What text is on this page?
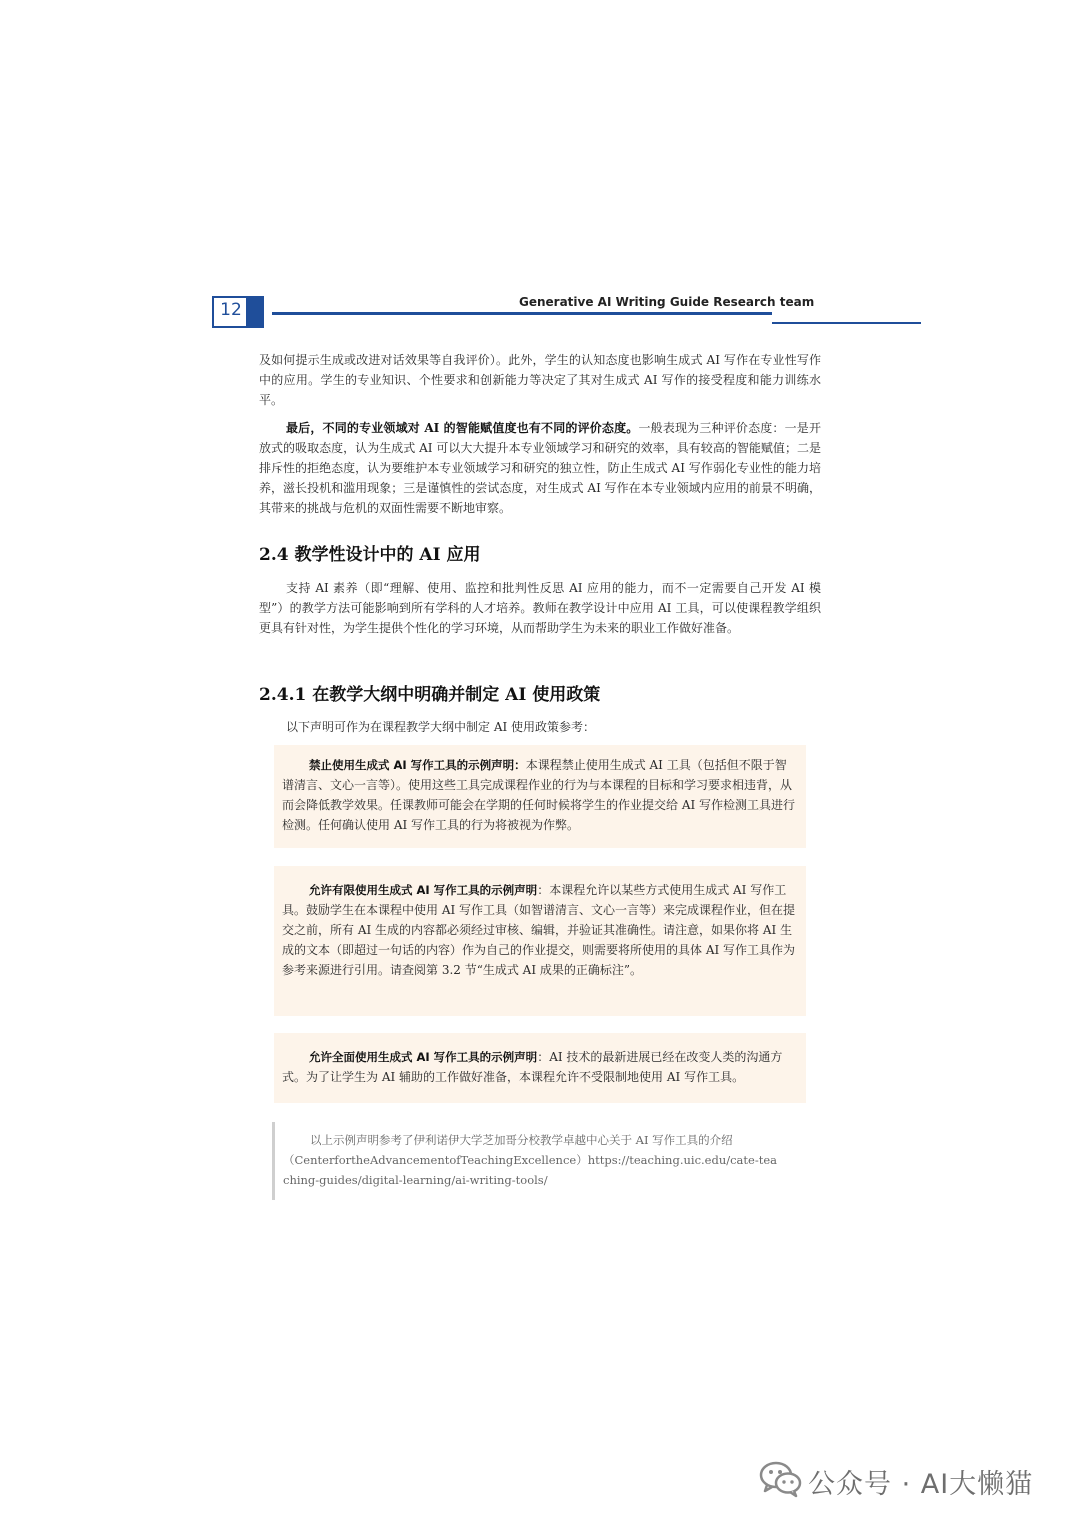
12	Generative AI Writing Guide Research team
及如何提示生成或改进对话效果等自我评价）。此外，学生的认知态度也影响生成式 AI 写作在专业性写作中的应用。学生的专业知识、个性要求和创新能力等决定了其对生成式 AI 写作的接受程度和能力训练水平。
最后，不同的专业领域对 AI 的智能赋值度也有不同的评价态度。一般表现为三种评价态度：一是开放式的吸取态度，认为生成式 AI 可以大大提升本专业领域学习和研究的效率，具有较高的智能赋值；二是排斥性的拒绝态度，认为要维护本专业领域学习和研究的独立性，防止生成式 AI 写作弱化专业性的能力培养，滋长投机和滥用现象；三是谨慎性的尝试态度，对生成式 AI 写作在本专业领域内应用的前景不明确，其带来的挑战与危机的双面性需要不断地审察。
2.4 教学性设计中的 AI 应用
支持 AI 素养（即“理解、使用、监控和批判性反思 AI 应用的能力，而不一定需要自己开发 AI 模型”）的教学方法可能影响到所有学科的人才培养。教师在教学设计中应用 AI 工具，可以使课程教学组织更具有针对性，为学生提供个性化的学习环境，从而帮助学生为未来的职业工作做好准备。
2.4.1 在教学大纲中明确并制定 AI 使用政策
以下声明可作为在课程教学大纲中制定 AI 使用政策参考：
禁止使用生成式 AI 写作工具的示例声明：本课程禁止使用生成式 AI 工具（包括但不限于智谱清言、文心一言等）。使用这些工具完成课程作业的行为与本课程的目标和学习要求相违背，从而会降低教学效果。任课教师可能会在学期的任何时候将学生的作业提交给 AI 写作检测工具进行检测。任何确认使用 AI 写作工具的行为将被视为作弊。
允许有限使用生成式 AI 写作工具的示例声明：本课程允许以某些方式使用生成式 AI 写作工具。鼓励学生在本课程中使用 AI 写作工具（如智谱清言、文心一言等）来完成课程作业，但在提交之前，所有 AI 生成的内容都必须经过审核、编辑，并验证其准确性。请注意，如果你将 AI 生成的文本（即超过一句话的内容）作为自己的作业提交，则需要将所使用的具体 AI 写作工具作为参考来源进行引用。请查阅第 3.2 节“生成式 AI 成果的正确标注”。
允许全面使用生成式 AI 写作工具的示例声明：AI 技术的最新进展已经在改变人类的沟通方式。为了让学生为 AI 辅助的工作做好准备，本课程允许不受限制地使用 AI 写作工具。
以上示例声明参考了伊利诺伊大学芝加哥分校教学卓越中心关于 AI 写作工具的介绍
（CenterfortheAdvancementofTeachingExcellence）https://teaching.uic.edu/cate-teaching-guides/digital-learning/ai-writing-tools/
公众号 · AI大懒猫
